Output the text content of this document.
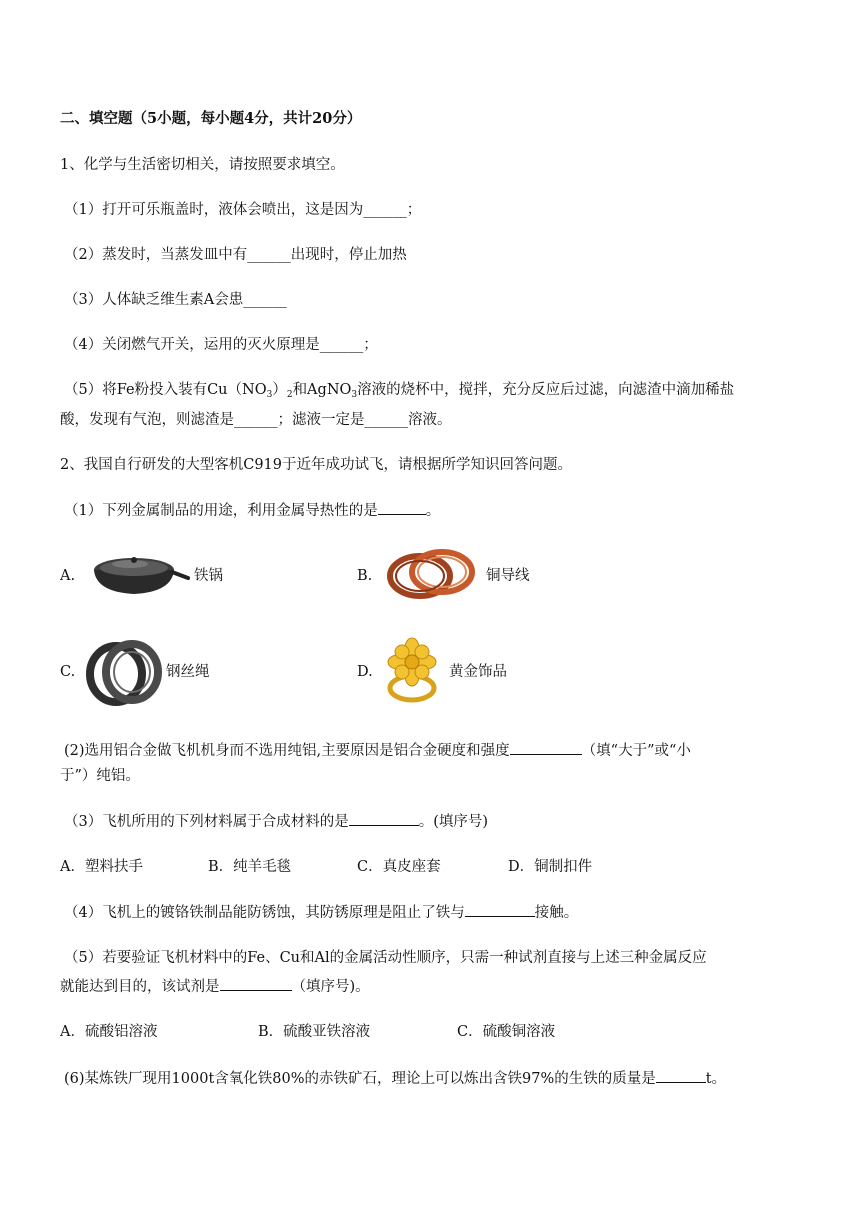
二、填空题（5小题，每小题4分，共计20分）
1、化学与生活密切相关，请按照要求填空。
（1）打开可乐瓶盖时，液体会喷出，这是因为______；
（2）蒸发时，当蒸发皿中有______出现时，停止加热
（3）人体缺乏维生素A会患______
（4）关闭燃气开关，运用的灭火原理是______；
（5）将Fe粉投入装有$Cu(NO_3)_2$和AgNO$_3$溶液的烧杯中，搅拌，充分反应后过滤，向滤渣中滴加稀盐
酸，发现有气泡，则滤渣是______；滤液一定是______溶液。
2、我国自行研发的大型客机C919于近年成功试飞，请根据所学知识回答问题。
（1）下列金属制品的用途，利用金属导热性的是	。
A.	铁锅	B.	铜导线
C.	钢丝绳	D.	黄金饰品
(2)选用铝合金做飞机机身而不选用纯铝,主要原因是铝合金硬度和强度	（填“大于”或“小
于”）纯铝。
（3）飞机所用的下列材料属于合成材料的是	。(填序号)
A．塑料扶手	B．纯羊毛毯	C．真皮座套	D．铜制扣件
（4）飞机上的镀铬铁制品能防锈蚀，其防锈原理是阻止了铁与	接触。
（5）若要验证飞机材料中的Fe、Cu和Al的金属活动性顺序，只需一种试剂直接与上述三种金属反应
就能达到目的，该试剂是	（填序号)。
A．硫酸铝溶液	B．硫酸亚铁溶液	C．硫酸铜溶液
(6)某炼铁厂现用1000t含氧化铁80%的赤铁矿石，理论上可以炼出含铁97%的生铁的质量是	t。
